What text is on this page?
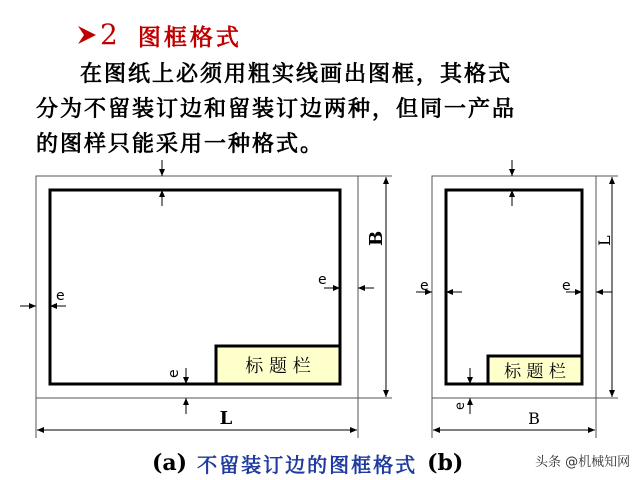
2 图框格式
在图纸上必须用粗实线画出图框，其格式
分为不留装订边和留装订边两种，但同一产品
的图样只能采用一种格式。
标 题 栏
e
e
e
B
L
标 题 栏
e	e
e
L
B
(a) 不留装订边的图框格式 (b)	头条 @机械知网
